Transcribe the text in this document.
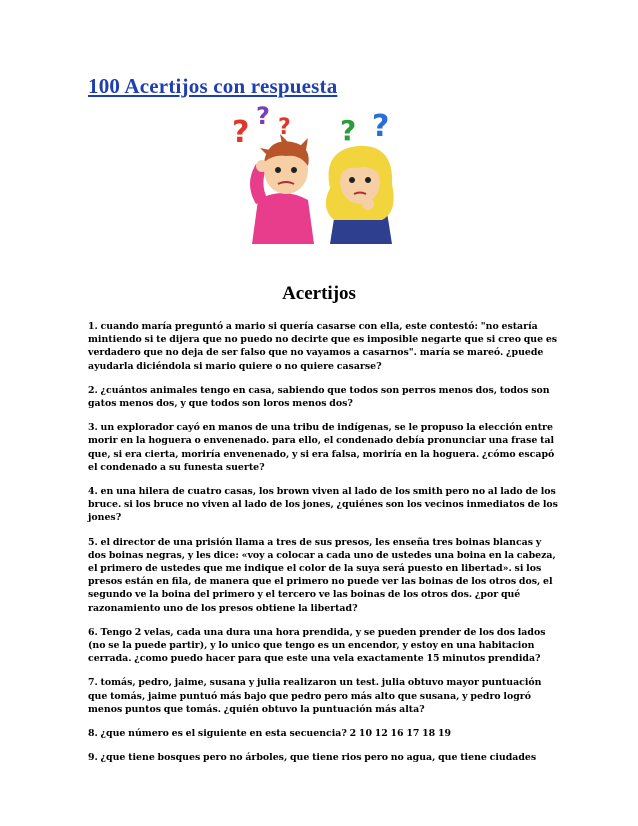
100 Acertijos con respuesta
? ? ? ? ?
Acertijos

1. cuando maría preguntó a mario si quería casarse con ella, este contestó: "no estaría mintiendo si te dijera que no puedo no decirte que es imposible negarte que si creo que es verdadero que no deja de ser falso que no vayamos a casarnos". maría se mareó. ¿puede ayudarla diciéndola si mario quiere o no quiere casarse?

2. ¿cuántos animales tengo en casa, sabiendo que todos son perros menos dos, todos son gatos menos dos, y que todos son loros menos dos?

3. un explorador cayó en manos de una tribu de indígenas, se le propuso la elección entre morir en la hoguera o envenenado. para ello, el condenado debía pronunciar una frase tal que, si era cierta, moriría envenenado, y si era falsa, moriría en la hoguera. ¿cómo escapó el condenado a su funesta suerte?

4. en una hilera de cuatro casas, los brown viven al lado de los smith pero no al lado de los bruce. si los bruce no viven al lado de los jones, ¿quiénes son los vecinos inmediatos de los jones?

5. el director de una prisión llama a tres de sus presos, les enseña tres boinas blancas y dos boinas negras, y les dice: «voy a colocar a cada uno de ustedes una boina en la cabeza, el primero de ustedes que me indique el color de la suya será puesto en libertad». si los presos están en fila, de manera que el primero no puede ver las boinas de los otros dos, el segundo ve la boina del primero y el tercero ve las boinas de los otros dos. ¿por qué razonamiento uno de los presos obtiene la libertad?

6. Tengo 2 velas, cada una dura una hora prendida, y se pueden prender de los dos lados (no se la puede partir), y lo unico que tengo es un encendor, y estoy en una habitacion cerrada. ¿como puedo hacer para que este una vela exactamente 15 minutos prendida?

7. tomás, pedro, jaime, susana y julia realizaron un test. julia obtuvo mayor puntuación que tomás, jaime puntuó más bajo que pedro pero más alto que susana, y pedro logró menos puntos que tomás. ¿quién obtuvo la puntuación más alta?

8. ¿que número es el siguiente en esta secuencia? 2 10 12 16 17 18 19

9. ¿que tiene bosques pero no árboles, que tiene rios pero no agua, que tiene ciudades
